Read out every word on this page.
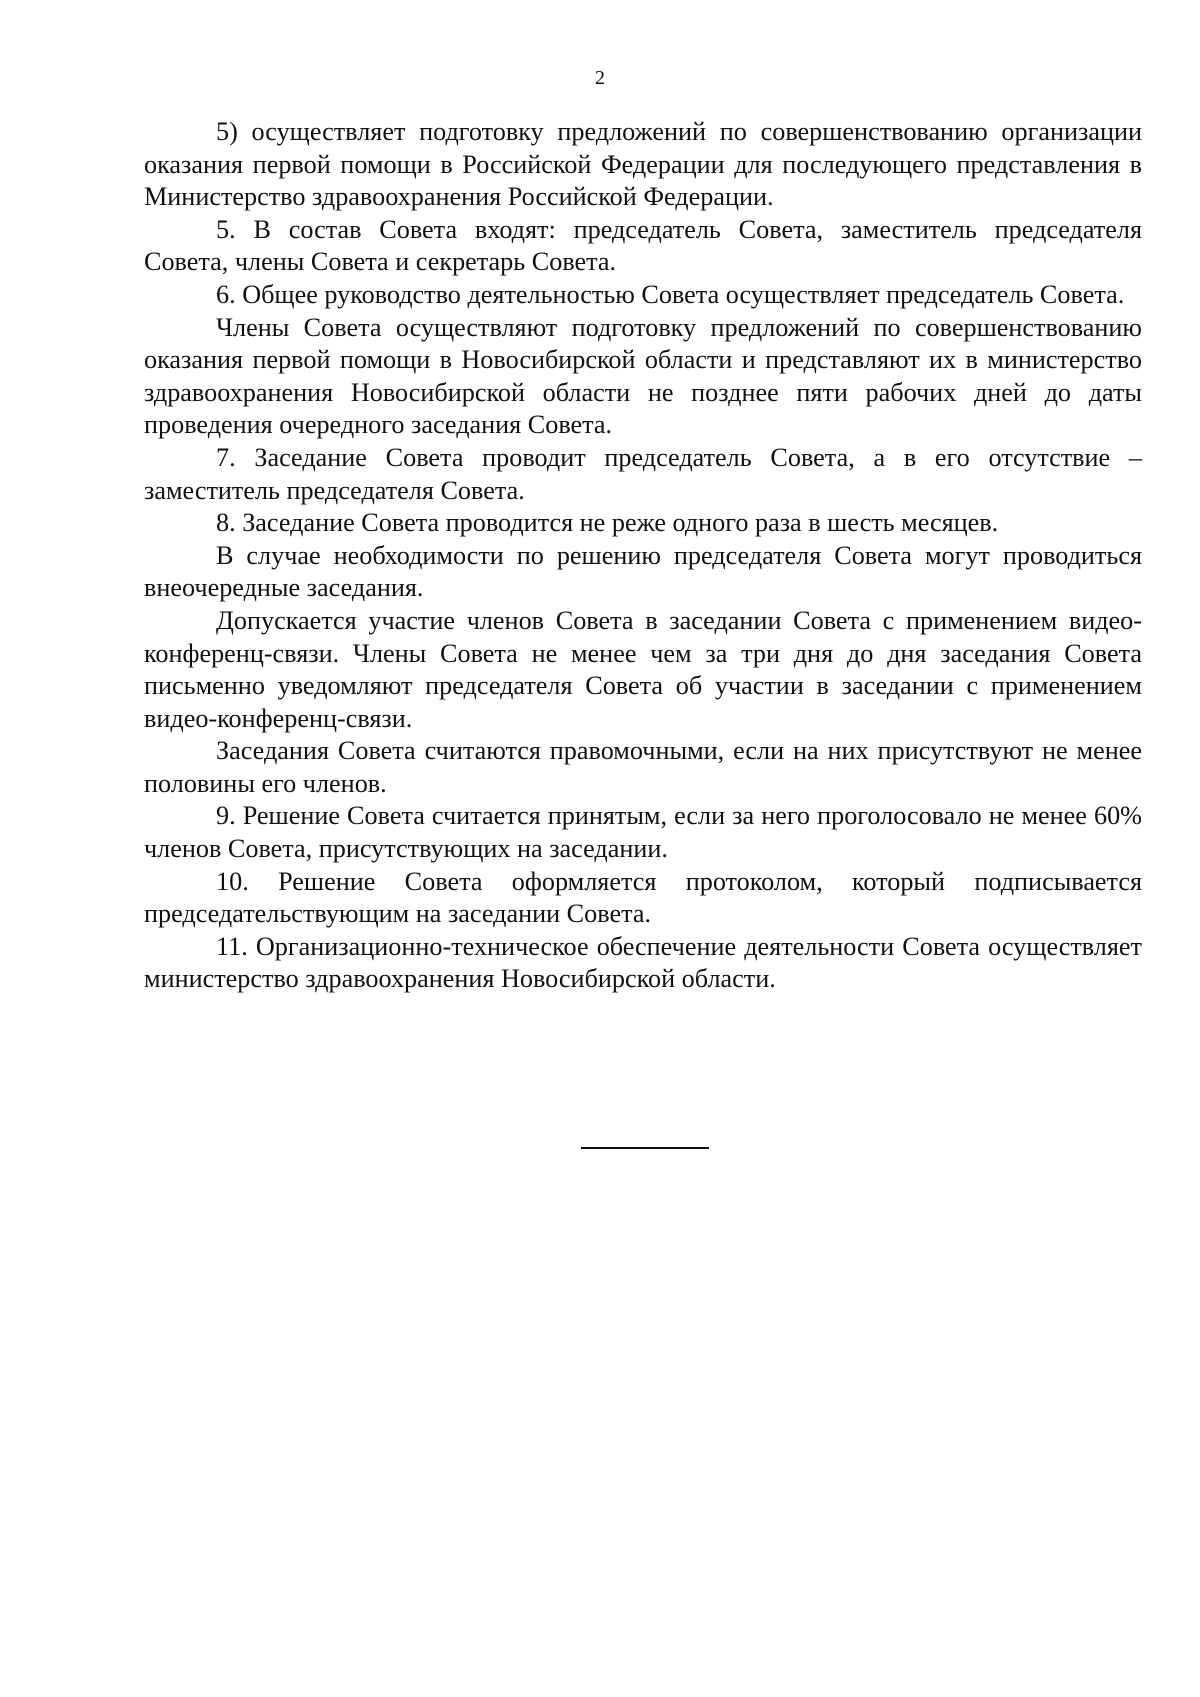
2

5) осуществляет подготовку предложений по совершенствованию организации оказания первой помощи в Российской Федерации для последующего представления в Министерство здравоохранения Российской Федерации.

5. В состав Совета входят: председатель Совета, заместитель председателя Совета, члены Совета и секретарь Совета.

6. Общее руководство деятельностью Совета осуществляет председатель Совета.

Члены Совета осуществляют подготовку предложений по совершенствованию оказания первой помощи в Новосибирской области и представляют их в министерство здравоохранения Новосибирской области не позднее пяти рабочих дней до даты проведения очередного заседания Совета.

7. Заседание Совета проводит председатель Совета, а в его отсутствие – заместитель председателя Совета.

8. Заседание Совета проводится не реже одного раза в шесть месяцев.

В случае необходимости по решению председателя Совета могут проводиться внеочередные заседания.

Допускается участие членов Совета в заседании Совета с применением видео-конференц-связи. Члены Совета не менее чем за три дня до дня заседания Совета письменно уведомляют председателя Совета об участии в заседании с применением видео-конференц-связи.

Заседания Совета считаются правомочными, если на них присутствуют не менее половины его членов.

9. Решение Совета считается принятым, если за него проголосовало не менее 60% членов Совета, присутствующих на заседании.

10. Решение Совета оформляется протоколом, который подписывается председательствующим на заседании Совета.

11. Организационно-техническое обеспечение деятельности Совета осуществляет министерство здравоохранения Новосибирской области.
